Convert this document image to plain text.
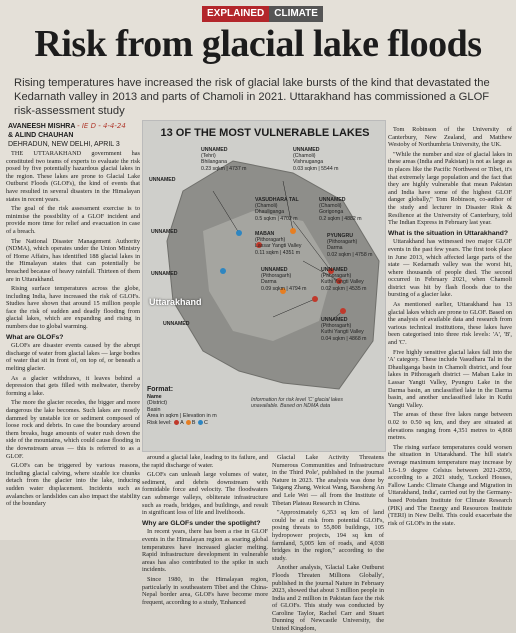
EXPLAINED	CLIMATE
Risk from glacial lake floods
Rising temperatures have increased the risk of glacial lake bursts of the kind that devastated the Kedarnath valley in 2013 and parts of Chamoli in 2021. Uttarakhand has commissioned a GLOF risk-assessment study
AVANEESH MISHRA - IE D - 4-4-24
& ALIND CHAUHAN
DEHRADUN, NEW DELHI, APRIL 3

THE UTTARAKHAND government has constituted two teams of experts to evaluate the risk posed by five potentially hazardous glacial lakes in the region. These lakes are prone to Glacial Lake Outburst Floods (GLOFs), the kind of events that have resulted in several disasters in the Himalayan states in recent years.

The goal of the risk assessment exercise is to minimise the possibility of a GLOF incident and provide more time for relief and evacuation in case of a breach.

The National Disaster Management Authority (NDMA), which operates under the Union Ministry of Home Affairs, has identified 188 glacial lakes in the Himalayan states that can potentially be breached because of heavy rainfall. Thirteen of them are in Uttarakhand.

Rising surface temperatures across the globe, including India, have increased the risk of GLOFs. Studies have shown that around 15 million people face the risk of sudden and deadly flooding from glacial lakes, which are expanding and rising in numbers due to global warming.

What are GLOFs?

GLOFs are disaster events caused by the abrupt discharge of water from glacial lakes — large bodies of water that sit in front of, on top of, or beneath a melting glacier.

As a glacier withdraws, it leaves behind a depression that gets filled with meltwater, thereby forming a lake.

The more the glacier recedes, the bigger and more dangerous the lake becomes. Such lakes are mostly dammed by unstable ice or sediment composed of loose rock and debris. In case the boundary around them breaks, huge amounts of water rush down the side of the mountains, which could cause flooding in the downstream areas — this is referred to as a GLOF.

GLOFs can be triggered by various reasons, including glacial calving, where sizable ice chunks detach from the glacier into the lake, inducing sudden water displacement. Incidents such as avalanches or landslides can also impact the stability of the boundary

13 OF THE MOST VULNERABLE LAKES
UNNAMED
(Tehri)
Bhilangana
0.23 sqkm | 4737 m
UNNAMED
(Chamoli)
Vishnuganga
0.03 sqkm | 5544 m
UNNAMED
VASUDHARA TAL
(Chamoli)
Dhauliganga
0.5 sqkm | 4702 m
UNNAMED
(Chamoli)
Gorigonga
0.2 sqkm | 4882 m
UNNAMED	MABAN
(Pithoragarh)
Lassar Yangti Valley
0.11 sqkm | 4351 m
PYUNGRU
(Pithoragarh)
Darma
0.02 sqkm | 4758 m
UNNAMED
(Pithoragarh)
Darma
0.09 sqkm | 4794 m
UNNAMED
(Pithoragarh)
Kuthi Yangti Valley
0.02 sqkm | 4535 m
UNNAMED
(Pithoragarh)
Kuthi Yangti Valley
0.04 sqkm | 4868 m
UNNAMED
UNNAMED
Uttarakhand
Format:
Name
(District)
Basin
Area in sqkm | Elevation in m
Risk level: A B C
Information for risk level 'C' glacial lakes unavailable. Based on NDMA data

around a glacial lake, leading to its failure, and the rapid discharge of water.

GLOFs can unleash large volumes of water, sediment, and debris downstream with formidable force and velocity. The floodwaters can submerge valleys, obliterate infrastructure such as roads, bridges, and buildings, and result in significant loss of life and livelihoods.

Why are GLOFs under the spotlight?

In recent years, there has been a rise in GLOF events in the Himalayan region as soaring global temperatures have increased glacier melting. Rapid infrastructure development in vulnerable areas has also contributed to the spike in such incidents.

Since 1980, in the Himalayan region, particularly in southeastern Tibet and the China-Nepal border area, GLOFs have become more frequent, according to a study, 'Enhanced

Glacial Lake Activity Threatens Numerous Communities and Infrastructure in the Third Pole', published in the journal Nature in 2023. The analysis was done by Taigang Zhang, Weicai Wang, Baosheng An and Lele Wei — all from the Institute of Tibetan Plateau Research in China.

"Approximately 6,353 sq km of land could be at risk from potential GLOFs, posing threats to 55,808 buildings, 105 hydropower projects, 194 sq km of farmland, 5,005 km of roads, and 4,038 bridges in the region," according to the study.

Another analysis, 'Glacial Lake Outburst Floods Threaten Millions Globally', published in the journal Nature in February 2023, showed that about 3 million people in India and 2 million in Pakistan face the risk of GLOFs. This study was conducted by Caroline Taylor, Rachel Carr and Stuart Dunning of Newcastle University, the United Kingdom,

Tom Robinson of the University of Canterbury, New Zealand, and Matthew Westoby of Northumbria University, the UK.

"While the number and size of glacial lakes in these areas (India and Pakistan) is not as large as in places like the Pacific Northwest or Tibet, it's that extremely large population and the fact that they are highly vulnerable that mean Pakistan and India have some of the highest GLOF danger globally," Tom Robinson, co-author of the study and lecturer in Disaster Risk & Resilience at the University of Canterbury, told The Indian Express in February last year.

What is the situation in Uttarakhand?

Uttarakhand has witnessed two major GLOF events in the past few years. The first took place in June 2013, which affected large parts of the state — Kedarnath valley was the worst hit, where thousands of people died. The second occurred in February 2021, when Chamoli district was hit by flash floods due to the bursting of a glacier lake.

As mentioned earlier, Uttarakhand has 13 glacial lakes which are prone to GLOF. Based on the analysis of available data and research from various technical institutions, these lakes have been categorised into three risk levels: 'A', 'B', and 'C'.

Five highly sensitive glacial lakes fall into the 'A' category. These include Vasudhara Tal in the Dhauliganga basin in Chamoli district, and four lakes in Pithoragarh district — Maban Lake in Lassar Yangti Valley, Pyungru Lake in the Darma basin, an unclassified lake in the Darma basin, and another unclassified lake in Kuthi Yangti Valley.

The areas of these five lakes range between 0.02 to 0.50 sq km, and they are situated at elevations ranging from 4,351 metres to 4,868 metres.

The rising surface temperatures could worsen the situation in Uttarakhand. The hill state's average maximum temperature may increase by 1.6-1.9 degree Celsius between 2021-2050, according to a 2021 study, 'Locked Houses, Fallow Lands: Climate Change and Migration in Uttarakhand, India', carried out by the Germany-based Potsdam Institute for Climate Research (PIK) and The Energy and Resources Institute (TERI) in New Delhi. This could exacerbate the risk of GLOFs in the state.
